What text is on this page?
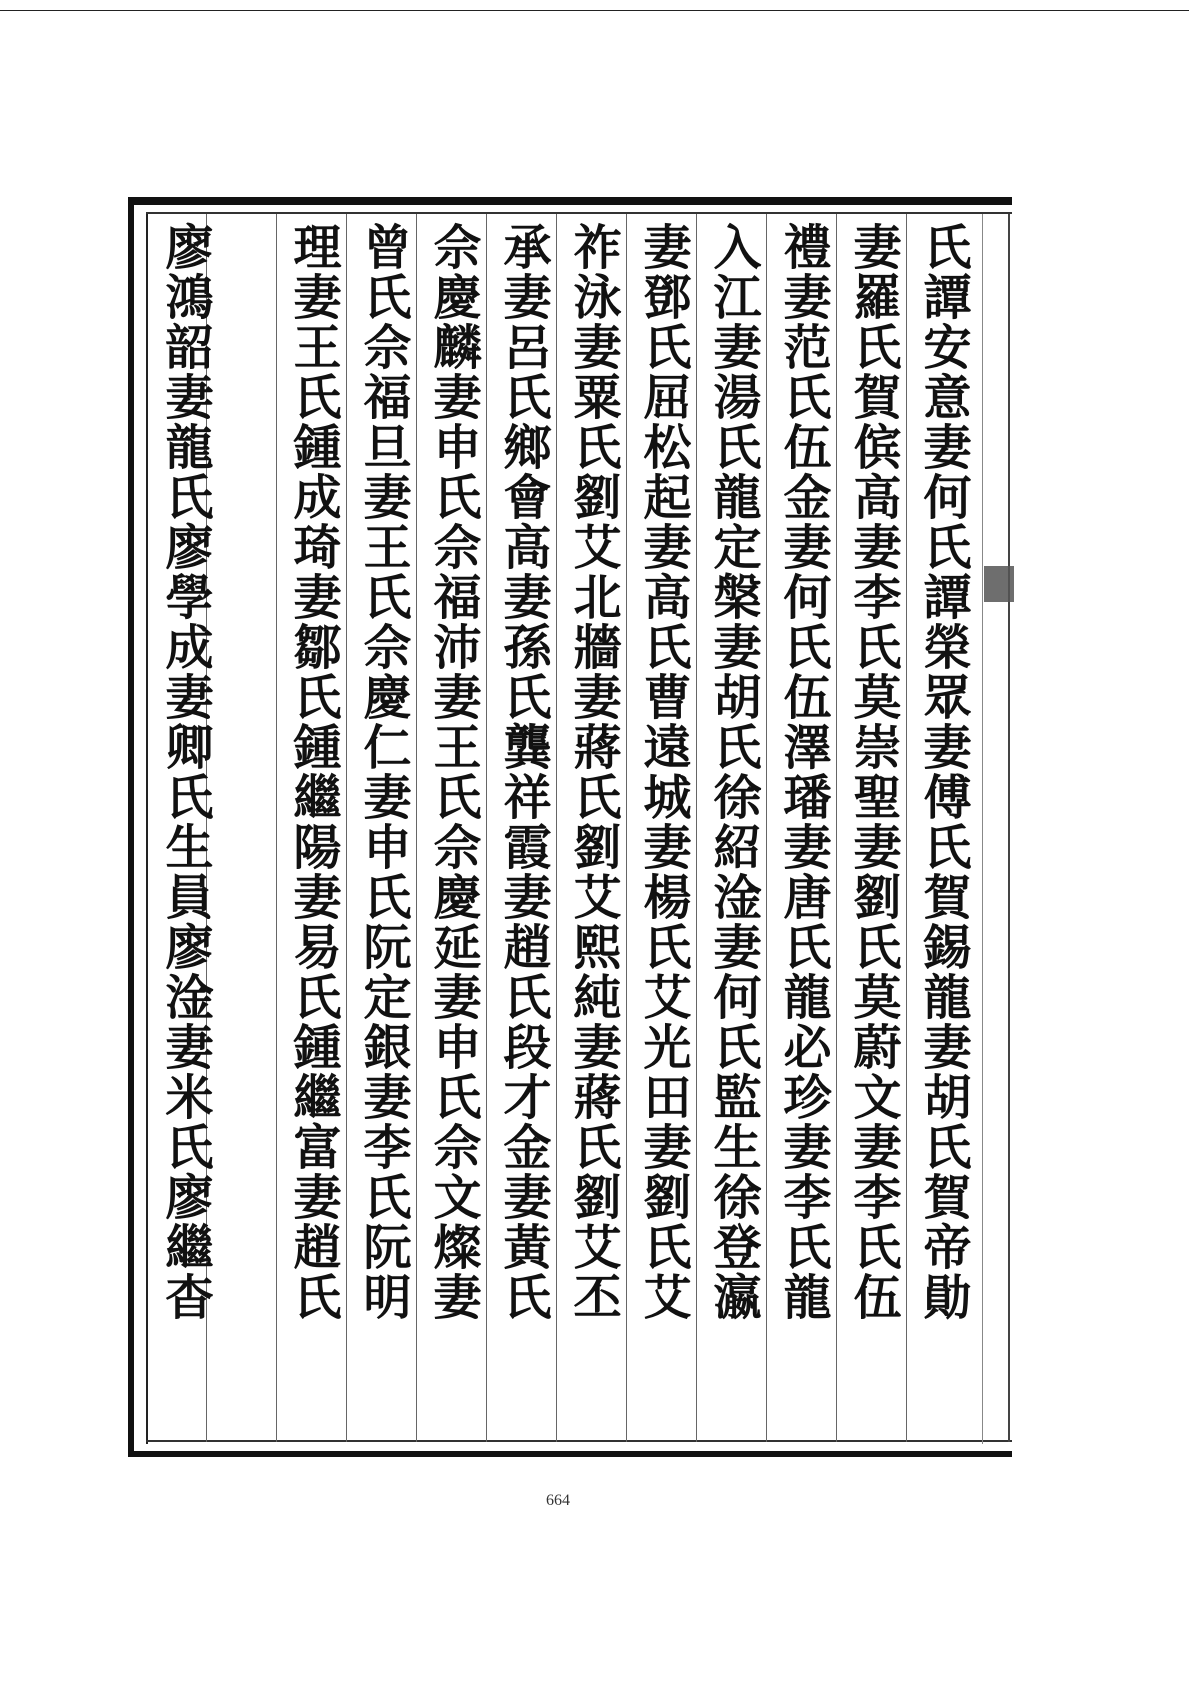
氏譚安意妻何氏譚榮眾妻傅氏賀錫龍妻胡氏賀帝勛
妻羅氏賀傧高妻李氏莫崇聖妻劉氏莫蔚文妻李氏伍
禮妻范氏伍金妻何氏伍澤璠妻唐氏龍必珍妻李氏龍
入江妻湯氏龍定槃妻胡氏徐紹淦妻何氏監生徐登瀛
妻鄧氏屈松起妻高氏曹遠城妻楊氏艾光田妻劉氏艾
祚泳妻粟氏劉艾北牆妻蔣氏劉艾熙純妻蔣氏劉艾丕
承妻呂氏鄉會高妻孫氏龔祥霞妻趙氏段才金妻黃氏
佘慶麟妻申氏佘福沛妻王氏佘慶延妻申氏佘文燦妻
曾氏佘福旦妻王氏佘慶仁妻申氏阮定銀妻李氏阮明
理妻王氏鍾成琦妻鄒氏鍾繼陽妻易氏鍾繼富妻趙氏
廖鴻韶妻龍氏廖學成妻卿氏生員廖淦妻米氏廖繼杳
664
